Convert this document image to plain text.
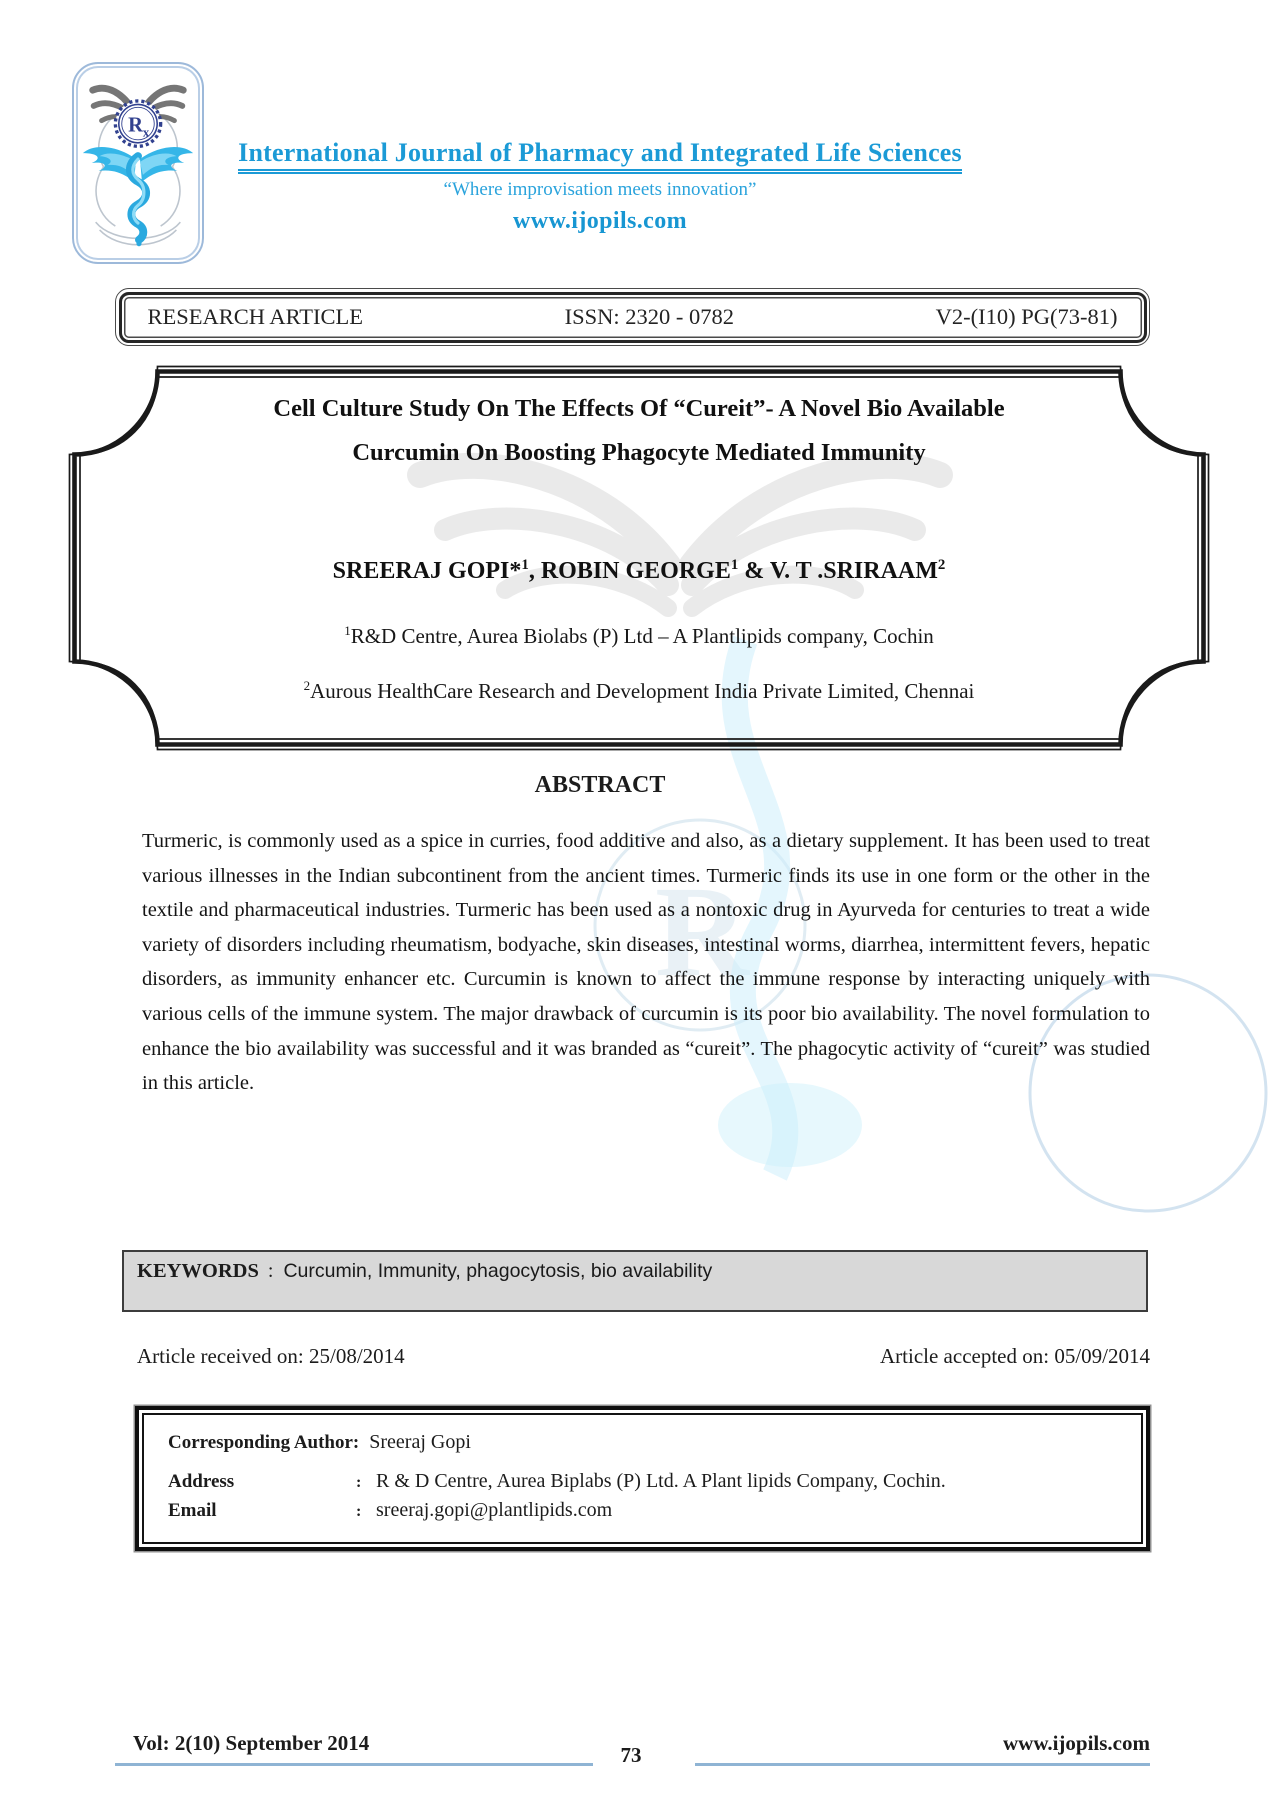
R
R x
International Journal of Pharmacy and Integrated Life Sciences
“Where improvisation meets innovation”
www.ijopils.com
RESEARCH ARTICLE	ISSN: 2320 - 0782	V2-(I10) PG(73-81)
Cell Culture Study On The Effects Of “Cureit”- A Novel Bio Available
Curcumin On Boosting Phagocyte Mediated Immunity
SREERAJ GOPI*$^1$, ROBIN GEORGE$^1$ & V. T .SRIRAAM$^2$
$^1$R&D Centre, Aurea Biolabs (P) Ltd – A Plantlipids company, Cochin
$^2$Aurous HealthCare Research and Development India Private Limited, Chennai
ABSTRACT
Turmeric, is commonly used as a spice in curries, food additive and also, as a dietary supplement. It has been used to treat various illnesses in the Indian subcontinent from the ancient times. Turmeric finds its use in one form or the other in the textile and pharmaceutical industries. Turmeric has been used as a nontoxic drug in Ayurveda for centuries to treat a wide variety of disorders including rheumatism, bodyache, skin diseases, intestinal worms, diarrhea, intermittent fevers, hepatic disorders, as immunity enhancer etc. Curcumin is known to affect the immune response by interacting uniquely with various cells of the immune system. The major drawback of curcumin is its poor bio availability. The novel formulation to enhance the bio availability was successful and it was branded as “cureit”. The phagocytic activity of “cureit” was studied in this article.
KEYWORDS : Curcumin, Immunity, phagocytosis, bio availability
Article received on: 25/08/2014	Article accepted on: 05/09/2014
Corresponding Author: Sreeraj Gopi
Address	: R & D Centre, Aurea Biplabs (P) Ltd. A Plant lipids Company, Cochin.
Email	: sreeraj.gopi@plantlipids.com
Vol: 2(10) September 2014	73	www.ijopils.com
